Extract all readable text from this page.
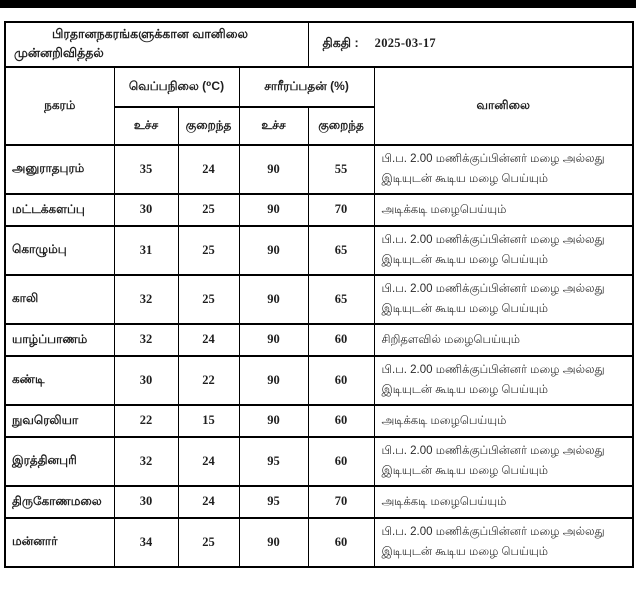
பிரதானநகரங்களுக்கான வானிலை முன்னறிவித்தல்				திகதி : 2025-03-17	
நகரம்	வெப்பநிலை (⁰C)		சாரீரப்பதன் (%)		வானிலை
	உச்ச	குறைந்த	உச்ச	குறைந்த	
அனுராதபுரம்	35	24	90	55	பி.ப. 2.00 மணிக்குப்பின்னர் மழை அல்லது இடியுடன் கூடிய மழை பெய்யும்
மட்டக்களப்பு	30	25	90	70	அடிக்கடி மழைபெய்யும்
கொழும்பு	31	25	90	65	பி.ப. 2.00 மணிக்குப்பின்னர் மழை அல்லது இடியுடன் கூடிய மழை பெய்யும்
காலி	32	25	90	65	பி.ப. 2.00 மணிக்குப்பின்னர் மழை அல்லது இடியுடன் கூடிய மழை பெய்யும்
யாழ்ப்பாணம்	32	24	90	60	சிறிதளவில் மழைபெய்யும்
கண்டி	30	22	90	60	பி.ப. 2.00 மணிக்குப்பின்னர் மழை அல்லது இடியுடன் கூடிய மழை பெய்யும்
நுவரெலியா	22	15	90	60	அடிக்கடி மழைபெய்யும்
இரத்தினபுரி	32	24	95	60	பி.ப. 2.00 மணிக்குப்பின்னர் மழை அல்லது இடியுடன் கூடிய மழை பெய்யும்
திருகோணமலை	30	24	95	70	அடிக்கடி மழைபெய்யும்
மன்னார்	34	25	90	60	பி.ப. 2.00 மணிக்குப்பின்னர் மழை அல்லது இடியுடன் கூடிய மழை பெய்யும்
